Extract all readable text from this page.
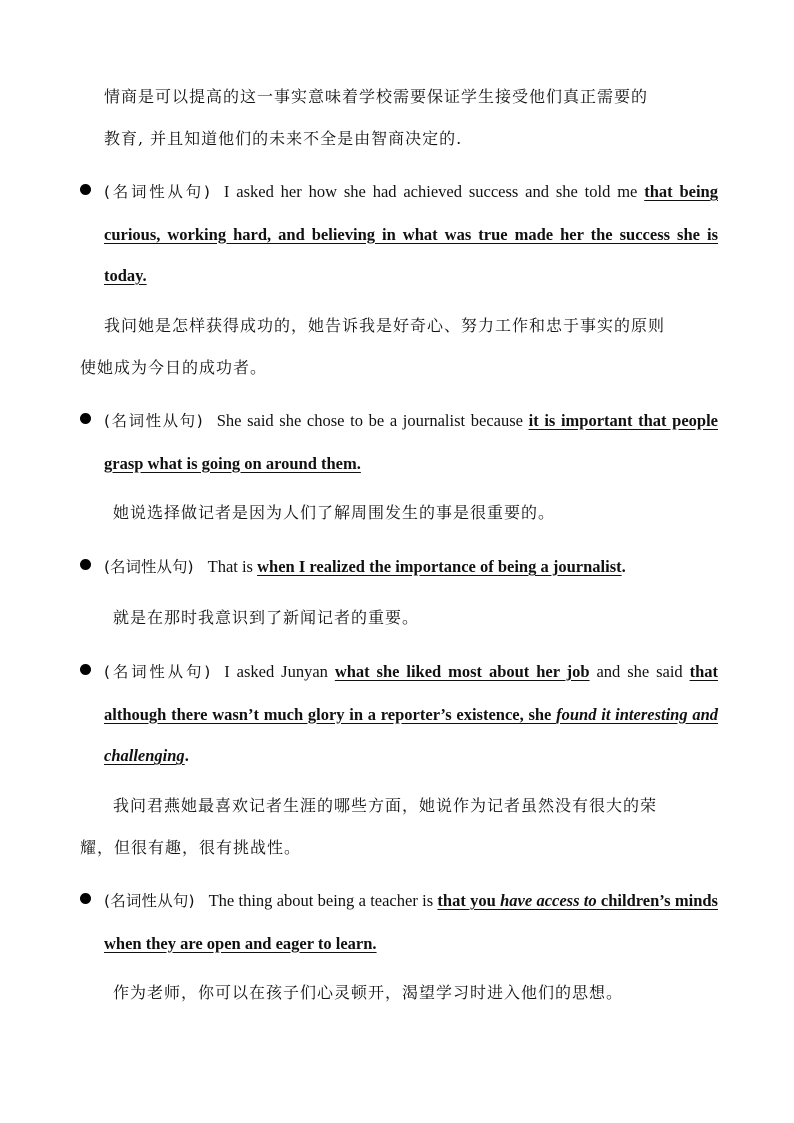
情商是可以提高的这一事实意味着学校需要保证学生接受他们真正需要的
教育, 并且知道他们的未来不全是由智商决定的.
(名词性从句) I asked her how she had achieved success and she told me that being curious, working hard, and believing in what was true made her the success she is today.
我问她是怎样获得成功的，她告诉我是好奇心、努力工作和忠于事实的原则
使她成为今日的成功者。
(名词性从句) She said she chose to be a journalist because it is important that people grasp what is going on around them.
她说选择做记者是因为人们了解周围发生的事是很重要的。
(名词性从句) That is when I realized the importance of being a journalist.
就是在那时我意识到了新闻记者的重要。
(名词性从句) I asked Junyan what she liked most about her job and she said that although there wasn’t much glory in a reporter’s existence, she found it interesting and challenging.
我问君燕她最喜欢记者生涯的哪些方面，她说作为记者虽然没有很大的荣
耀，但很有趣，很有挑战性。
(名词性从句) The thing about being a teacher is that you have access to children’s minds when they are open and eager to learn.
作为老师，你可以在孩子们心灵顿开，渴望学习时进入他们的思想。
